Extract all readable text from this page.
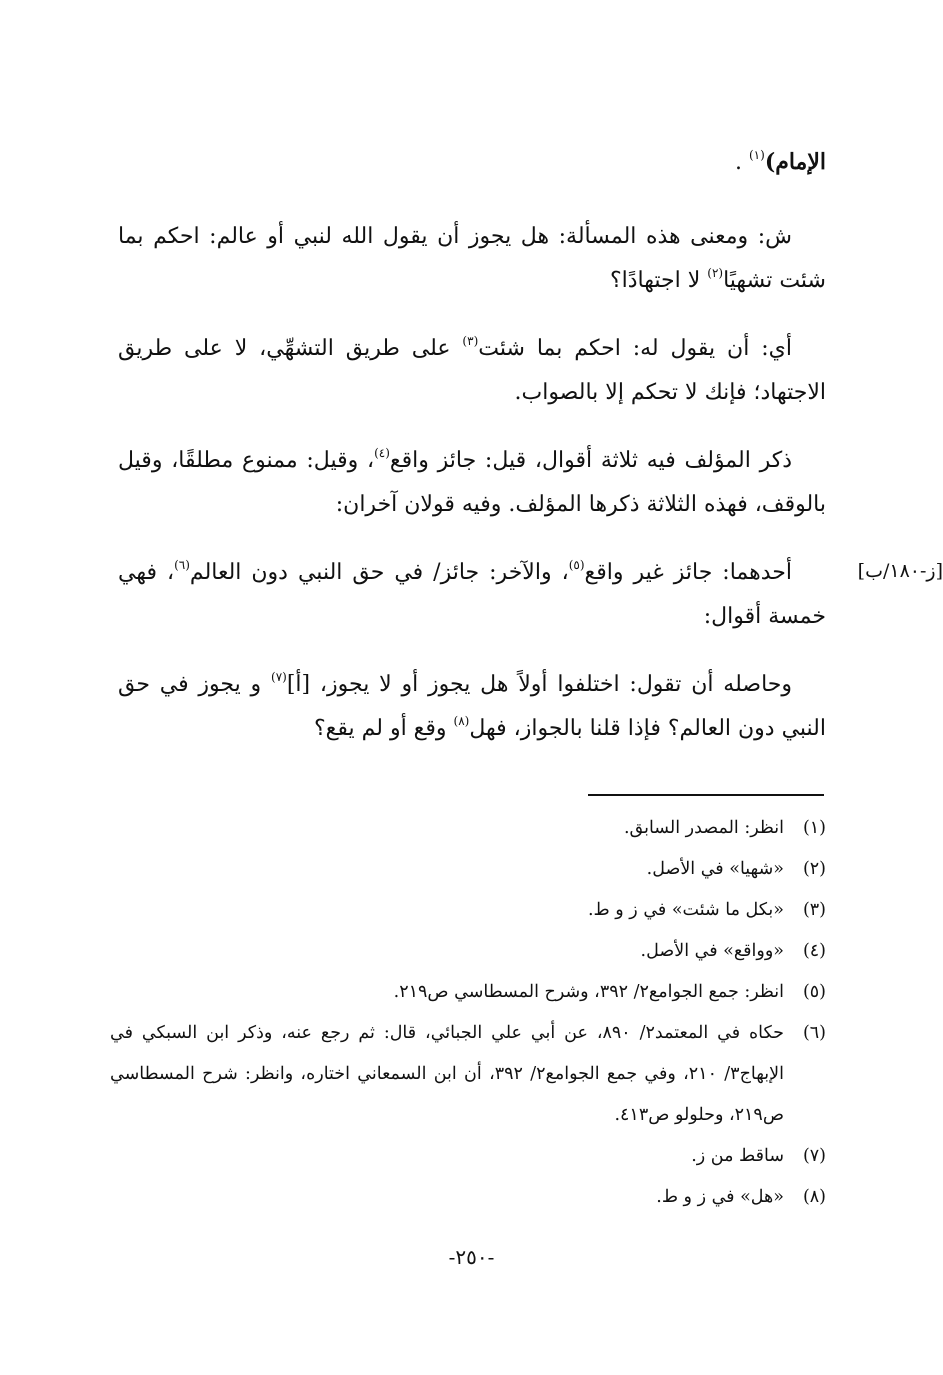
الإمام)$^{(١)}$ .

ش: ومعنى هذه المسألة: هل يجوز أن يقول الله لنبي أو عالم: احكم بما شئت تشهيًا$^{(٢)}$ لا اجتهادًا؟

أي: أن يقول له: احكم بما شئت$^{(٣)}$ على طريق التشهِّي، لا على طريق الاجتهاد؛ فإنك لا تحكم إلا بالصواب.

ذكر المؤلف فيه ثلاثة أقوال، قيل: جائز واقع$^{(٤)}$، وقيل: ممنوع مطلقًا، وقيل بالوقف، فهذه الثلاثة ذكرها المؤلف. وفيه قولان آخران:

أحدهما: جائز غير واقع$^{(٥)}$، والآخر: جائز/ في حق النبي دون العالم$^{(٦)}$، فهي خمسة أقوال:

وحاصله أن تقول: اختلفوا أولاً هل يجوز أو لا يجوز، [أ]$^{(٧)}$ و يجوز في حق النبي دون العالم؟ فإذا قلنا بالجواز، فهل$^{(٨)}$ وقع أو لم يقع؟

[ز-١٨٠/ب]

(١)
انظر: المصدر السابق.

(٢)
«شهيا» في الأصل.

(٣)
«بكل ما شئت» في ز و ط.

(٤)
«وواقع» في الأصل.

(٥)
انظر: جمع الجوامع٢/ ٣٩٢، وشرح المسطاسي ص٢١٩.

(٦)
حكاه في المعتمد٢/ ٨٩٠، عن أبي علي الجبائي، قال: ثم رجع عنه، وذكر ابن السبكي في الإبهاج٣/ ٢١٠، وفي جمع الجوامع٢/ ٣٩٢، أن ابن السمعاني اختاره، وانظر: شرح المسطاسي ص٢١٩، وحلولو ص٤١٣.

(٧)
ساقط من ز.

(٨)
«هل» في ز و ط.

-٢٥٠-
